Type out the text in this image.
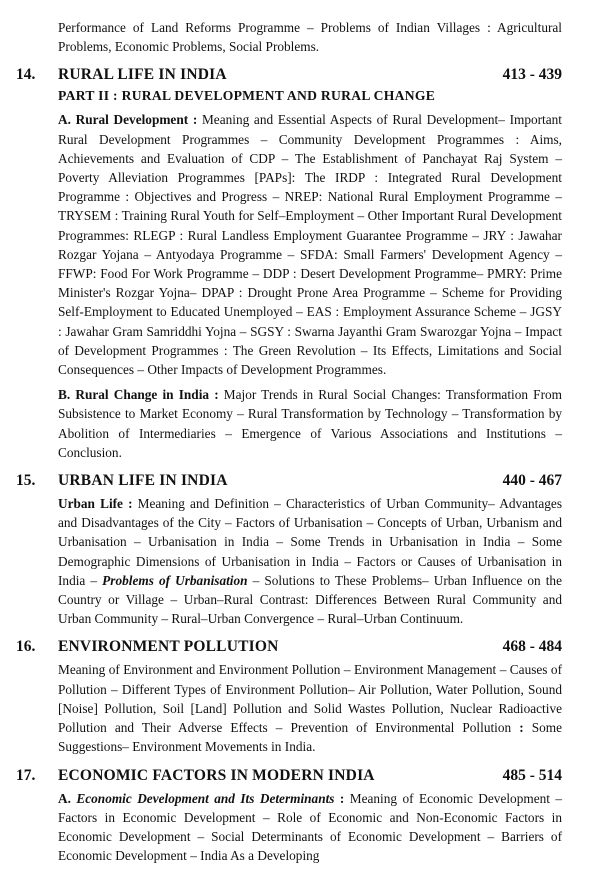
Performance of Land Reforms Programme – Problems of Indian Villages : Agricultural Problems, Economic Problems, Social Problems.

14.	RURAL LIFE IN INDIA	413 - 439
PART II : RURAL DEVELOPMENT AND RURAL CHANGE

A. Rural Development : Meaning and Essential Aspects of Rural Development– Important Rural Development Programmes – Community Development Programmes : Aims, Achievements and Evaluation of CDP – The Establishment of Panchayat Raj System – Poverty Alleviation Programmes [PAPs]: The IRDP : Integrated Rural Development Programme : Objectives and Progress – NREP: National Rural Employment Programme – TRYSEM : Training Rural Youth for Self–Employment – Other Important Rural Development Programmes: RLEGP : Rural Landless Employment Guarantee Programme – JRY : Jawahar Rozgar Yojana – Antyodaya Programme – SFDA: Small Farmers' Development Agency – FFWP: Food For Work Programme – DDP : Desert Development Programme– PMRY: Prime Minister's Rozgar Yojna– DPAP : Drought Prone Area Programme – Scheme for Providing Self-Employment to Educated Unemployed – EAS : Employment Assurance Scheme – JGSY : Jawahar Gram Samriddhi Yojna – SGSY : Swarna Jayanthi Gram Swarozgar Yojna – Impact of Development Programmes : The Green Revolution – Its Effects, Limitations and Social Consequences – Other Impacts of Development Programmes.

B. Rural Change in India : Major Trends in Rural Social Changes: Transformation From Subsistence to Market Economy – Rural Transformation by Technology – Transformation by Abolition of Intermediaries – Emergence of Various Associations and Institutions – Conclusion.

15.	URBAN LIFE IN INDIA	440 - 467

Urban Life : Meaning and Definition – Characteristics of Urban Community– Advantages and Disadvantages of the City – Factors of Urbanisation – Concepts of Urban, Urbanism and Urbanisation – Urbanisation in India – Some Trends in Urbanisation in India – Some Demographic Dimensions of Urbanisation in India – Factors or Causes of Urbanisation in India – Problems of Urbanisation – Solutions to These Problems– Urban Influence on the Country or Village – Urban–Rural Contrast: Differences Between Rural Community and Urban Community – Rural–Urban Convergence – Rural–Urban Continuum.

16.	ENVIRONMENT POLLUTION	468 - 484

Meaning of Environment and Environment Pollution – Environment Management – Causes of Pollution – Different Types of Environment Pollution– Air Pollution, Water Pollution, Sound [Noise] Pollution, Soil [Land] Pollution and Solid Wastes Pollution, Nuclear Radioactive Pollution and Their Adverse Effects – Prevention of Environmental Pollution : Some Suggestions– Environment Movements in India.

17.	ECONOMIC FACTORS IN MODERN INDIA	485 - 514

A. Economic Development and Its Determinants : Meaning of Economic Development – Factors in Economic Development – Role of Economic and Non-Economic Factors in Economic Development – Social Determinants of Economic Development – Barriers of Economic Development – India As a Developing
